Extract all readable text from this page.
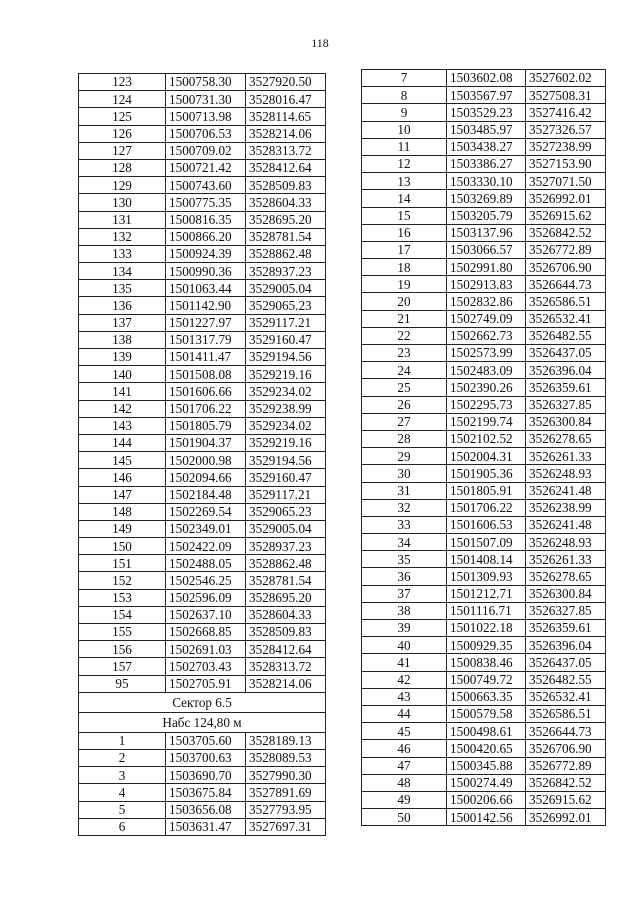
118
123	1500758.30	3527920.50
124	1500731.30	3528016.47
125	1500713.98	3528114.65
126	1500706.53	3528214.06
127	1500709.02	3528313.72
128	1500721.42	3528412.64
129	1500743.60	3528509.83
130	1500775.35	3528604.33
131	1500816.35	3528695.20
132	1500866.20	3528781.54
133	1500924.39	3528862.48
134	1500990.36	3528937.23
135	1501063.44	3529005.04
136	1501142.90	3529065.23
137	1501227.97	3529117.21
138	1501317.79	3529160.47
139	1501411.47	3529194.56
140	1501508.08	3529219.16
141	1501606.66	3529234.02
142	1501706.22	3529238.99
143	1501805.79	3529234.02
144	1501904.37	3529219.16
145	1502000.98	3529194.56
146	1502094.66	3529160.47
147	1502184.48	3529117.21
148	1502269.54	3529065.23
149	1502349.01	3529005.04
150	1502422.09	3528937.23
151	1502488.05	3528862.48
152	1502546.25	3528781.54
153	1502596.09	3528695.20
154	1502637.10	3528604.33
155	1502668.85	3528509.83
156	1502691.03	3528412.64
157	1502703.43	3528313.72
95	1502705.91	3528214.06
Сектор 6.5		
Набс 124,80 м		
1	1503705.60	3528189.13
2	1503700.63	3528089.53
3	1503690.70	3527990.30
4	1503675.84	3527891.69
5	1503656.08	3527793.95
6	1503631.47	3527697.31
7	1503602.08	3527602.02
8	1503567.97	3527508.31
9	1503529.23	3527416.42
10	1503485.97	3527326.57
11	1503438.27	3527238.99
12	1503386.27	3527153.90
13	1503330.10	3527071.50
14	1503269.89	3526992.01
15	1503205.79	3526915.62
16	1503137.96	3526842.52
17	1503066.57	3526772.89
18	1502991.80	3526706.90
19	1502913.83	3526644.73
20	1502832.86	3526586.51
21	1502749.09	3526532.41
22	1502662.73	3526482.55
23	1502573.99	3526437.05
24	1502483.09	3526396.04
25	1502390.26	3526359.61
26	1502295.73	3526327.85
27	1502199.74	3526300.84
28	1502102.52	3526278.65
29	1502004.31	3526261.33
30	1501905.36	3526248.93
31	1501805.91	3526241.48
32	1501706.22	3526238.99
33	1501606.53	3526241.48
34	1501507.09	3526248.93
35	1501408.14	3526261.33
36	1501309.93	3526278.65
37	1501212.71	3526300.84
38	1501116.71	3526327.85
39	1501022.18	3526359.61
40	1500929.35	3526396.04
41	1500838.46	3526437.05
42	1500749.72	3526482.55
43	1500663.35	3526532.41
44	1500579.58	3526586.51
45	1500498.61	3526644.73
46	1500420.65	3526706.90
47	1500345.88	3526772.89
48	1500274.49	3526842.52
49	1500206.66	3526915.62
50	1500142.56	3526992.01
